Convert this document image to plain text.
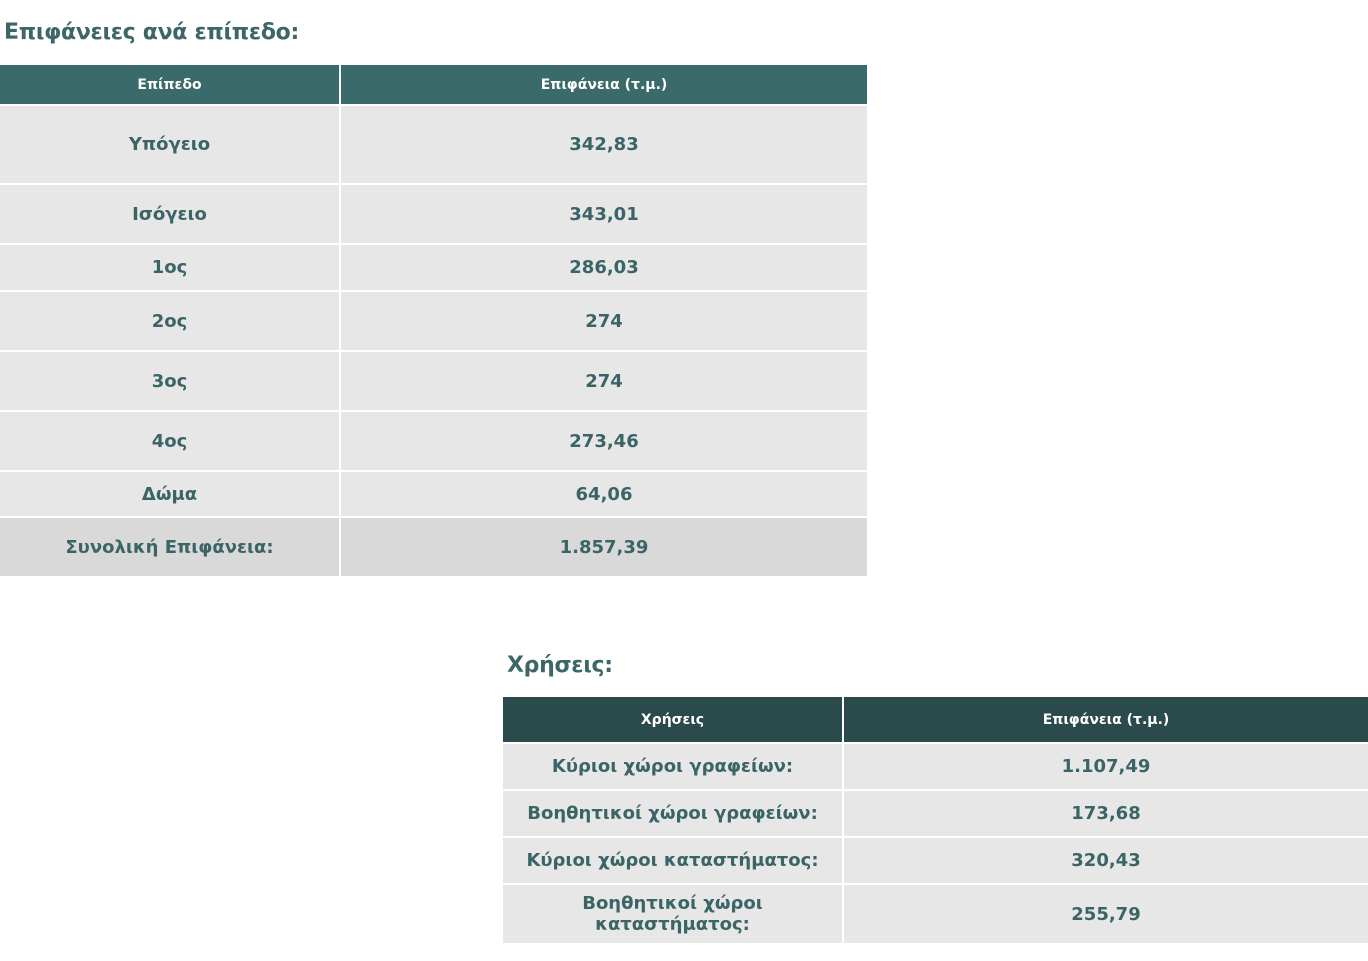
Επιφάνειες ανά επίπεδο:
Επίπεδο	Επιφάνεια (τ.μ.)
Υπόγειο	342,83
Ισόγειο	343,01
1ος	286,03
2ος	274
3ος	274
4ος	273,46
Δώμα	64,06
Συνολική Επιφάνεια:	1.857,39
Χρήσεις:
Χρήσεις	Επιφάνεια (τ.μ.)
Κύριοι χώροι γραφείων:	1.107,49
Βοηθητικοί χώροι γραφείων:	173,68
Κύριοι χώροι καταστήματος:	320,43
Βοηθητικοί χώροι καταστήματος:	255,79
